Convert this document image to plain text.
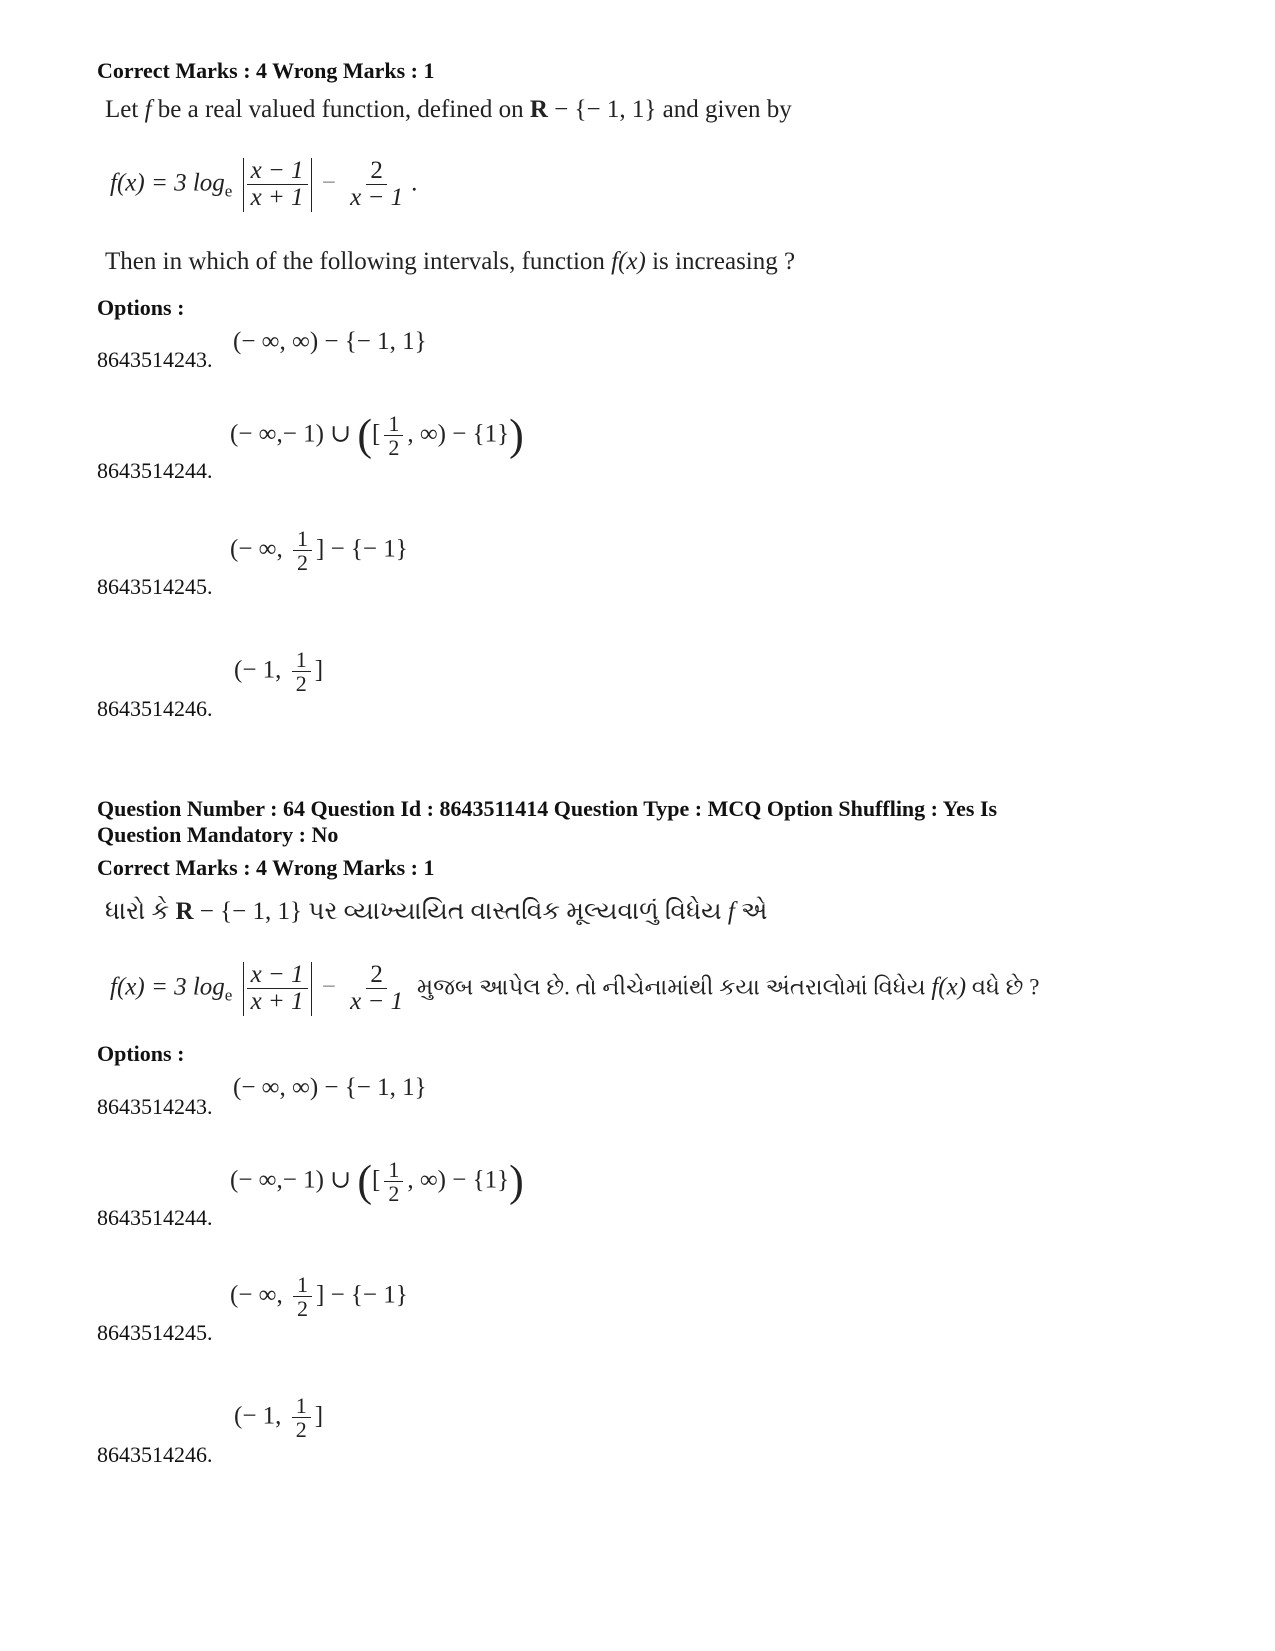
Correct Marks : 4 Wrong Marks : 1
Let f be a real valued function, defined on R − {− 1, 1} and given by
f(x) = 3 $\log_e \frac{x - 1}{x + 1} - \frac{2}{x - 1}$ .
Then in which of the following intervals, function f(x) is increasing ?
Options :
(− ∞, ∞) − {− 1, 1}
8643514243.
(− ∞,− 1) ∪ ([ $\frac{1}{2}$ , ∞) − {1})
8643514244.
(− ∞, $\frac{1}{2}$ ] − {− 1}
8643514245.
(− 1, $\frac{1}{2}$ ]
8643514246.
Question Number : 64 Question Id : 8643511414 Question Type : MCQ Option Shuffling : Yes Is
Question Mandatory : No
Correct Marks : 4 Wrong Marks : 1
ધારો કે R − {− 1, 1} પર વ્યાખ્યાયિત વાસ્તવિક મૂલ્યવાળું વિધેય f એ
f(x) = 3 $\log_e \frac{x - 1}{x + 1} - \frac{2}{x - 1}$ મુજબ આપેલ છે. તો નીચેનામાંથી કયા અંતરાલોમાં વિધેય f(x) વધે છે ?
Options :
(− ∞, ∞) − {− 1, 1}
8643514243.
(− ∞,− 1) ∪ ([ $\frac{1}{2}$ , ∞) − {1})
8643514244.
(− ∞, $\frac{1}{2}$ ] − {− 1}
8643514245.
(− 1, $\frac{1}{2}$ ]
8643514246.
